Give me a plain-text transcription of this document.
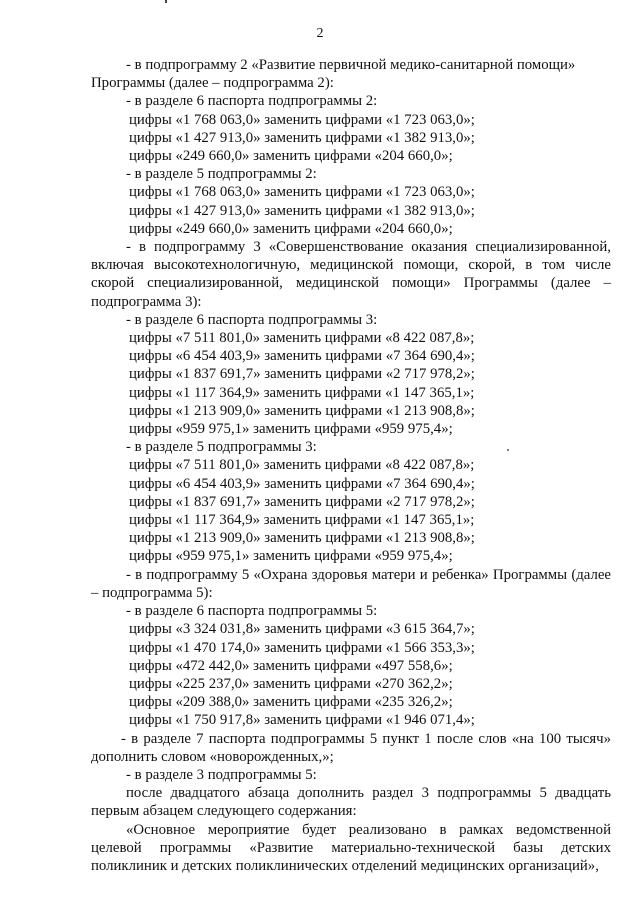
2
- в подпрограмму 2 «Развитие первичной медико-санитарной помощи»
Программы (далее – подпрограмма 2):
- в разделе 6 паспорта подпрограммы 2:
цифры «1 768 063,0» заменить цифрами «1 723 063,0»;
цифры «1 427 913,0» заменить цифрами «1 382 913,0»;
цифры «249 660,0» заменить цифрами «204 660,0»;
- в разделе 5 подпрограммы 2:
цифры «1 768 063,0» заменить цифрами «1 723 063,0»;
цифры «1 427 913,0» заменить цифрами «1 382 913,0»;
цифры «249 660,0» заменить цифрами «204 660,0»;
- в подпрограмму 3 «Совершенствование оказания специализированной, включая высокотехнологичную, медицинской помощи, скорой, в том числе скорой специализированной, медицинской помощи» Программы (далее – подпрограмма 3):
- в разделе 6 паспорта подпрограммы 3:
цифры «7 511 801,0» заменить цифрами «8 422 087,8»;
цифры «6 454 403,9» заменить цифрами «7 364 690,4»;
цифры «1 837 691,7» заменить цифрами «2 717 978,2»;
цифры «1 117 364,9» заменить цифрами «1 147 365,1»;
цифры «1 213 909,0» заменить цифрами «1 213 908,8»;
цифры «959 975,1» заменить цифрами «959 975,4»;
- в разделе 5 подпрограммы 3:
цифры «7 511 801,0» заменить цифрами «8 422 087,8»;
цифры «6 454 403,9» заменить цифрами «7 364 690,4»;
цифры «1 837 691,7» заменить цифрами «2 717 978,2»;
цифры «1 117 364,9» заменить цифрами «1 147 365,1»;
цифры «1 213 909,0» заменить цифрами «1 213 908,8»;
цифры «959 975,1» заменить цифрами «959 975,4»;
- в подпрограмму 5 «Охрана здоровья матери и ребенка» Программы (далее – подпрограмма 5):
- в разделе 6 паспорта подпрограммы 5:
цифры «3 324 031,8» заменить цифрами «3 615 364,7»;
цифры «1 470 174,0» заменить цифрами «1 566 353,3»;
цифры «472 442,0» заменить цифрами «497 558,6»;
цифры «225 237,0» заменить цифрами «270 362,2»;
цифры «209 388,0» заменить цифрами «235 326,2»;
цифры «1 750 917,8» заменить цифрами «1 946 071,4»;
- в разделе 7 паспорта подпрограммы 5 пункт 1 после слов «на 100 тысяч» дополнить словом «новорожденных,»;
- в разделе 3 подпрограммы 5:
после двадцатого абзаца дополнить раздел 3 подпрограммы 5 двадцать первым абзацем следующего содержания:
«Основное мероприятие будет реализовано в рамках ведомственной целевой программы «Развитие материально-технической базы детских поликлиник и детских поликлинических отделений медицинских организаций»,
